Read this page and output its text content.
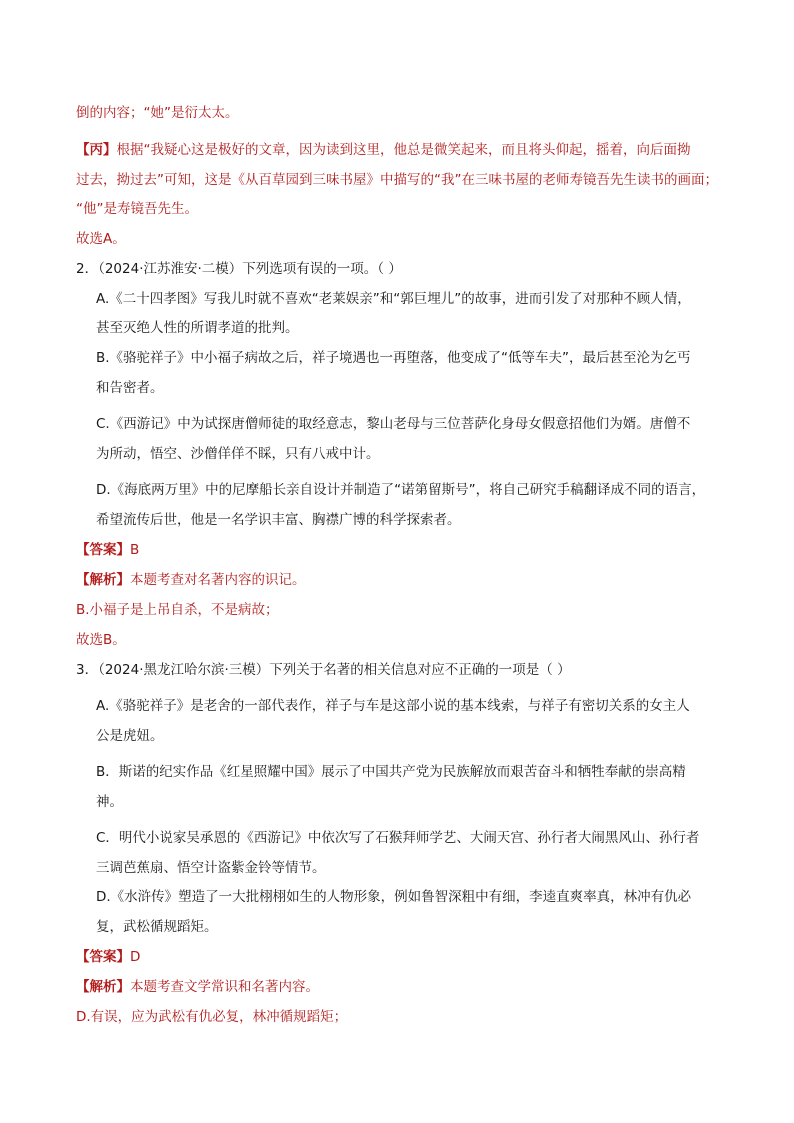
倒的内容；“她”是衍太太。
【丙】根据“我疑心这是极好的文章，因为读到这里，他总是微笑起来，而且将头仰起，摇着，向后面拗
过去，拗过去”可知，这是《从百草园到三味书屋》中描写的“我”在三味书屋的老师寿镜吾先生读书的画面；
“他”是寿镜吾先生。
故选A。
2．（2024·江苏淮安·二模）下列选项有误的一项。（ ）
A.《二十四孝图》写我儿时就不喜欢“老莱娱亲”和“郭巨埋儿”的故事，进而引发了对那种不顾人情，
甚至灭绝人性的所谓孝道的批判。
B.《骆驼祥子》中小福子病故之后，祥子境遇也一再堕落，他变成了“低等车夫”，最后甚至沦为乞丐
和告密者。
C.《西游记》中为试探唐僧师徒的取经意志，黎山老母与三位菩萨化身母女假意招他们为婿。唐僧不
为所动，悟空、沙僧佯佯不睬，只有八戒中计。
D.《海底两万里》中的尼摩船长亲自设计并制造了“诺第留斯号”，将自己研究手稿翻译成不同的语言，
希望流传后世，他是一名学识丰富、胸襟广博的科学探索者。
【答案】B
【解析】本题考查对名著内容的识记。
B.小福子是上吊自杀，不是病故；
故选B。
3．（2024·黑龙江哈尔滨·三模）下列关于名著的相关信息对应不正确的一项是（ ）
A.《骆驼祥子》是老舍的一部代表作，祥子与车是这部小说的基本线索，与祥子有密切关系的女主人
公是虎妞。
B．斯诺的纪实作品《红星照耀中国》展示了中国共产党为民族解放而艰苦奋斗和牺牲奉献的崇高精
神。
C．明代小说家吴承恩的《西游记》中依次写了石猴拜师学艺、大闹天宫、孙行者大闹黑风山、孙行者
三调芭蕉扇、悟空计盗紫金铃等情节。
D.《水浒传》塑造了一大批栩栩如生的人物形象，例如鲁智深粗中有细，李逵直爽率真，林冲有仇必
复，武松循规蹈矩。
【答案】D
【解析】本题考查文学常识和名著内容。
D.有误，应为武松有仇必复，林冲循规蹈矩；
